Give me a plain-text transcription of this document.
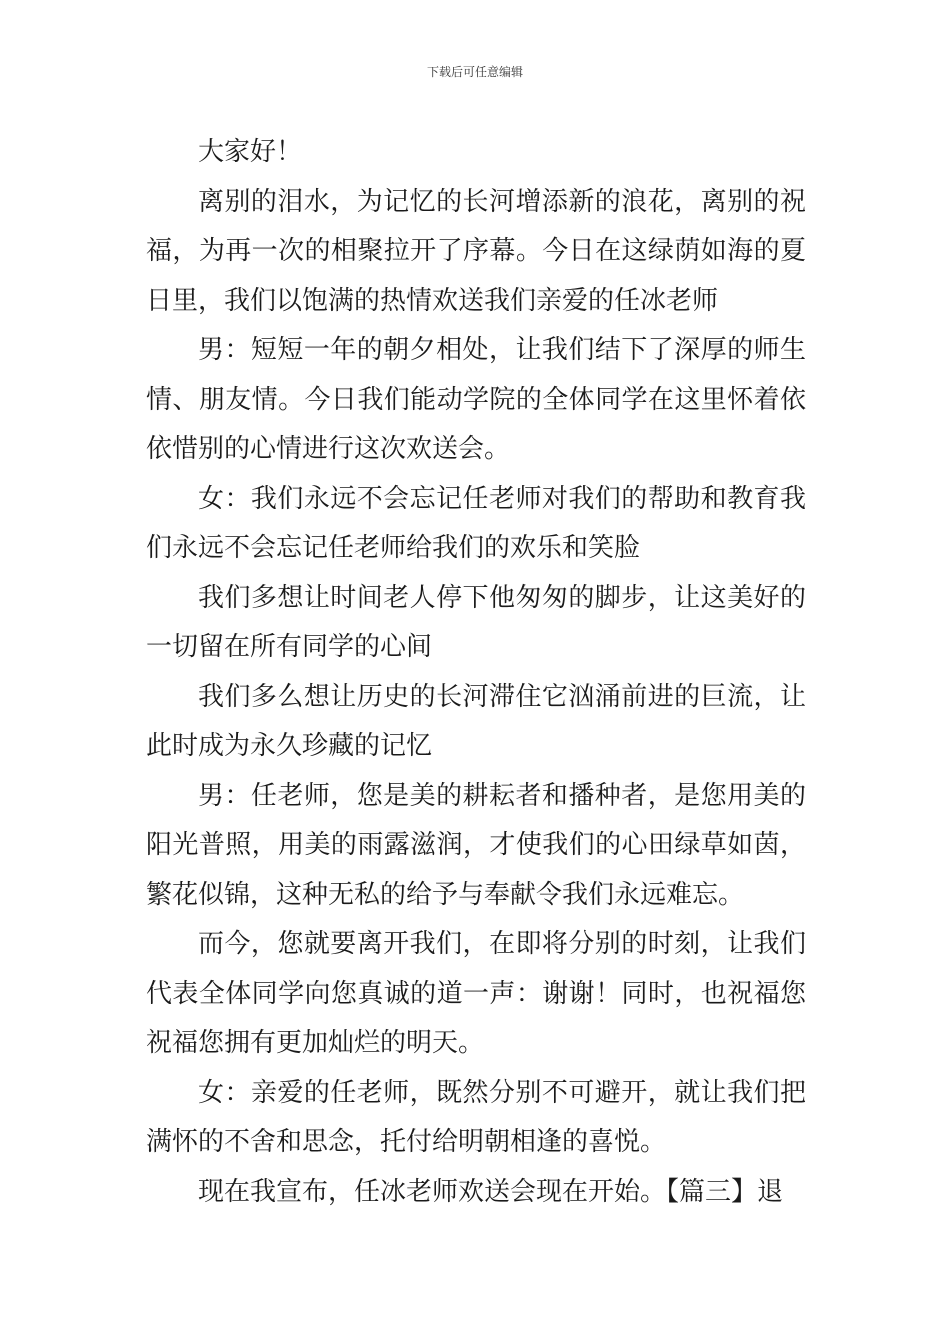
下载后可任意编辑

大家好！

离别的泪水，为记忆的长河增添新的浪花，离别的祝福，为再一次的相聚拉开了序幕。今日在这绿荫如海的夏日里，我们以饱满的热情欢送我们亲爱的任冰老师

男：短短一年的朝夕相处，让我们结下了深厚的师生情、朋友情。今日我们能动学院的全体同学在这里怀着依依惜别的心情进行这次欢送会。

女：我们永远不会忘记任老师对我们的帮助和教育我们永远不会忘记任老师给我们的欢乐和笑脸

我们多想让时间老人停下他匆匆的脚步，让这美好的一切留在所有同学的心间

我们多么想让历史的长河滞住它汹涌前进的巨流，让此时成为永久珍藏的记忆

男：任老师，您是美的耕耘者和播种者，是您用美的阳光普照，用美的雨露滋润，才使我们的心田绿草如茵，繁花似锦，这种无私的给予与奉献令我们永远难忘。

而今，您就要离开我们，在即将分别的时刻，让我们代表全体同学向您真诚的道一声：谢谢！同时，也祝福您祝福您拥有更加灿烂的明天。

女：亲爱的任老师，既然分别不可避开，就让我们把满怀的不舍和思念，托付给明朝相逢的喜悦。

现在我宣布，任冰老师欢送会现在开始。【篇三】退
